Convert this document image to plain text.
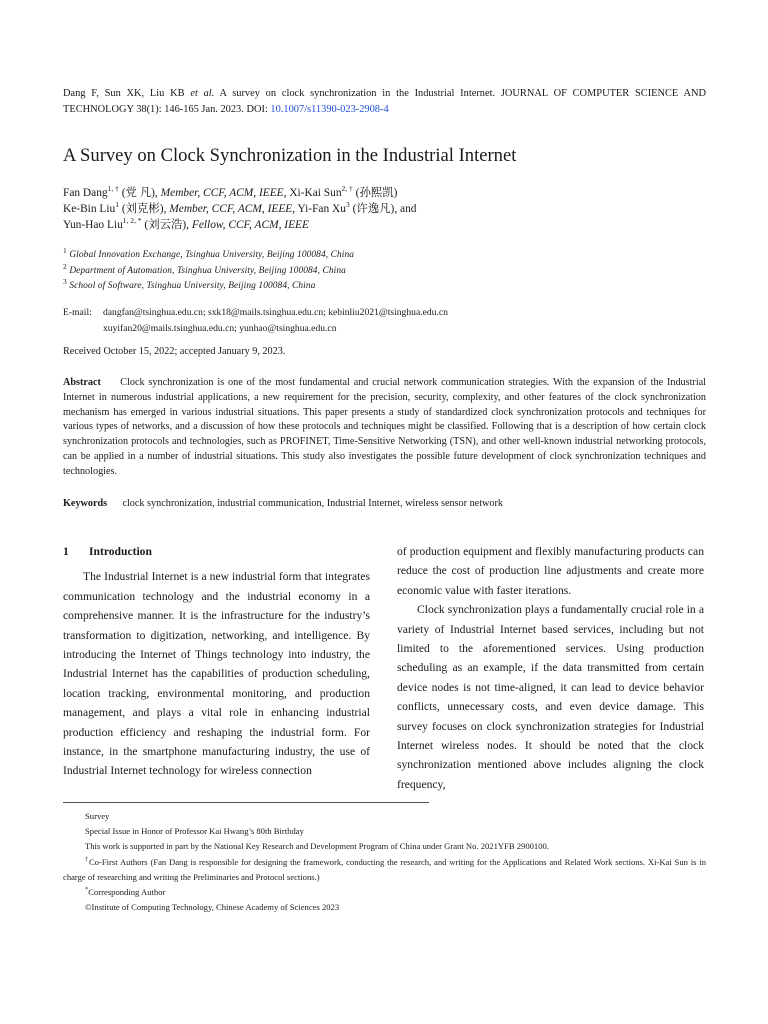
Dang F, Sun XK, Liu KB et al. A survey on clock synchronization in the Industrial Internet. JOURNAL OF COMPUTER SCIENCE AND TECHNOLOGY 38(1): 146-165 Jan. 2023. DOI: 10.1007/s11390-023-2908-4
A Survey on Clock Synchronization in the Industrial Internet
Fan Dang$^{1, \dagger}$ (党 凡), Member, CCF, ACM, IEEE, Xi-Kai Sun$^{2, \dagger}$ (孙熙凯)
Ke-Bin Liu$^1$ (刘克彬), Member, CCF, ACM, IEEE, Yi-Fan Xu$^3$ (许逸凡), and
Yun-Hao Liu$^{1, 2, *}$ (刘云浩), Fellow, CCF, ACM, IEEE
$^1$ Global Innovation Exchange, Tsinghua University, Beijing 100084, China
$^2$ Department of Automation, Tsinghua University, Beijing 100084, China
$^3$ School of Software, Tsinghua University, Beijing 100084, China
E-mail: dangfan@tsinghua.edu.cn; sxk18@mails.tsinghua.edu.cn; kebinliu2021@tsinghua.edu.cn
xuyifan20@mails.tsinghua.edu.cn; yunhao@tsinghua.edu.cn
Received October 15, 2022; accepted January 9, 2023.
Abstract Clock synchronization is one of the most fundamental and crucial network communication strategies. With the expansion of the Industrial Internet in numerous industrial applications, a new requirement for the precision, security, complexity, and other features of the clock synchronization mechanism has emerged in various industrial situations. This paper presents a study of standardized clock synchronization protocols and techniques for various types of networks, and a discussion of how these protocols and techniques might be classified. Following that is a description of how certain clock synchronization protocols and technologies, such as PROFINET, Time-Sensitive Networking (TSN), and other well-known industrial networking protocols, can be applied in a number of industrial situations. This study also investigates the possible future development of clock synchronization techniques and technologies.
Keywords clock synchronization, industrial communication, Industrial Internet, wireless sensor network

1 Introduction

The Industrial Internet is a new industrial form that integrates communication technology and the industrial economy in a comprehensive manner. It is the infrastructure for the industry’s transformation to digitization, networking, and intelligence. By introducing the Internet of Things technology into industry, the Industrial Internet has the capabilities of production scheduling, location tracking, environmental monitoring, and production management, and plays a vital role in enhancing industrial production efficiency and reshaping the industrial form. For instance, in the smartphone manufacturing industry, the use of Industrial Internet technology for wireless connection

of production equipment and flexibly manufacturing products can reduce the cost of production line adjustments and create more economic value with faster iterations.

Clock synchronization plays a fundamentally crucial role in a variety of Industrial Internet based services, including but not limited to the aforementioned services. Using production scheduling as an example, if the data transmitted from certain device nodes is not time-aligned, it can lead to device behavior conflicts, unnecessary costs, and even device damage. This survey focuses on clock synchronization strategies for Industrial Internet wireless nodes. It should be noted that the clock synchronization mentioned above includes aligning the clock frequency,

Survey
Special Issue in Honor of Professor Kai Hwang’s 80th Birthday
This work is supported in part by the National Key Research and Development Program of China under Grant No. 2021YFB 2900100.
†Co-First Authors (Fan Dang is responsible for designing the framework, conducting the research, and writing for the Applications and Related Work sections. Xi-Kai Sun is in charge of researching and writing the Preliminaries and Protocol sections.)
*Corresponding Author
©Institute of Computing Technology, Chinese Academy of Sciences 2023
